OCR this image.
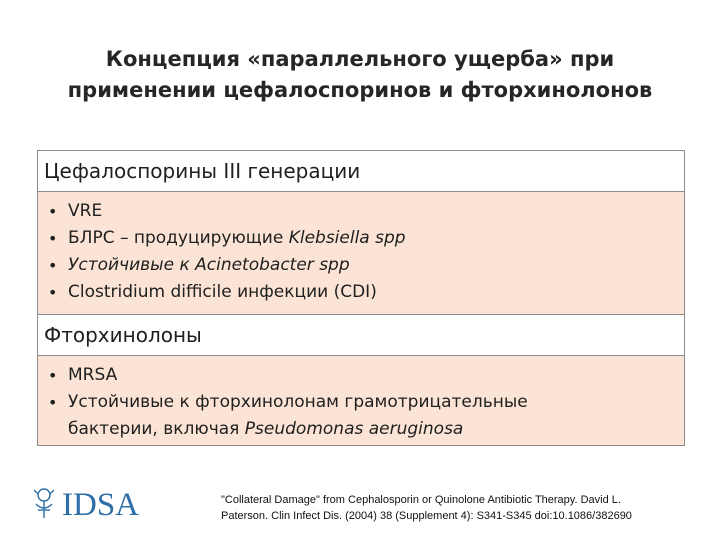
Концепция «параллельного ущерба» при
применении цефалоспоринов и фторхинолонов
Цефалоспорины III генерации
• VRE
• БЛРС – продуцирующие Klebsiella spp
• Устойчивые к Acinetobacter spp
• Clostridium difficile инфекции (CDI)
Фторхинолоны
• MRSA
• Устойчивые к фторхинолонам грамотрицательные
бактерии, включая Pseudomonas aeruginosa
IDSA	"Collateral Damage" from Cephalosporin or Quinolone Antibiotic Therapy. David L.
Paterson. Clin Infect Dis. (2004) 38 (Supplement 4): S341-S345 doi:10.1086/382690
